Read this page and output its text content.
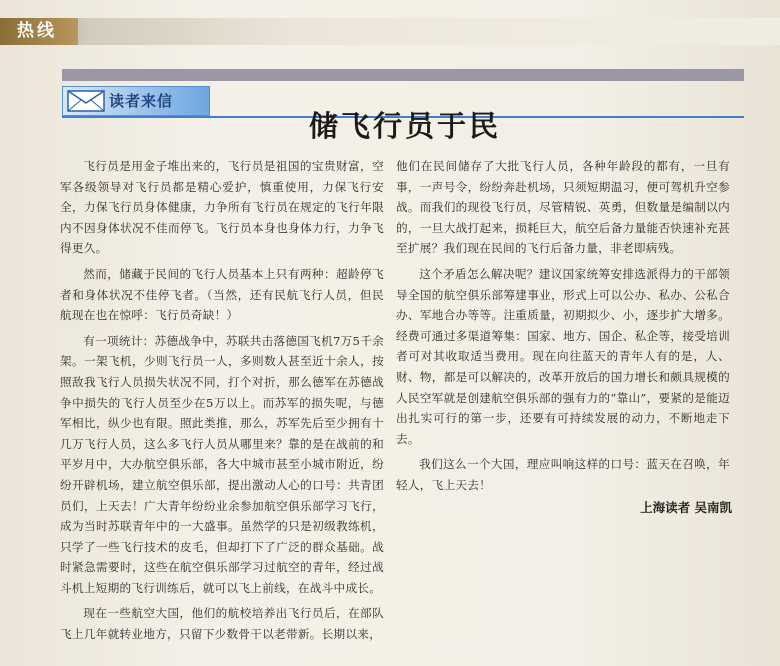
热线
读者来信
储飞行员于民

飞行员是用金子堆出来的，飞行员是祖国的宝贵财富，空军各级领导对飞行员都是精心爱护，慎重使用，力保飞行安全，力保飞行员身体健康，力争所有飞行员在规定的飞行年限内不因身体状况不佳而停飞。飞行员本身也身体力行，力争飞得更久。

然而，储藏于民间的飞行人员基本上只有两种：超龄停飞者和身体状况不佳停飞者。（当然，还有民航飞行人员，但民航现在也在惊呼：飞行员奇缺！）

有一项统计：苏德战争中，苏联共击落德国飞机7万5千余架。一架飞机，少则飞行员一人，多则数人甚至近十余人，按照敌我飞行人员损失状况不同，打个对折，那么德军在苏德战争中损失的飞行人员至少在5万以上。而苏军的损失呢，与德军相比，纵少也有限。照此类推，那么，苏军先后至少拥有十几万飞行人员，这么多飞行人员从哪里来？靠的是在战前的和平岁月中，大办航空俱乐部，各大中城市甚至小城市附近，纷纷开辟机场，建立航空俱乐部，提出激动人心的口号：共青团员们，上天去！广大青年纷纷业余参加航空俱乐部学习飞行，成为当时苏联青年中的一大盛事。虽然学的只是初级教练机，只学了一些飞行技术的皮毛，但却打下了广泛的群众基础。战时紧急需要时，这些在航空俱乐部学习过航空的青年，经过战斗机上短期的飞行训练后，就可以飞上前线，在战斗中成长。

现在一些航空大国，他们的航校培养出飞行员后，在部队飞上几年就转业地方，只留下少数骨干以老带新。长期以来，

他们在民间储存了大批飞行人员，各种年龄段的都有，一旦有事，一声号令，纷纷奔赴机场，只须短期温习，便可驾机升空参战。而我们的现役飞行员，尽管精锐、英勇，但数量是编制以内的，一旦大战打起来，损耗巨大，航空后备力量能否快速补充甚至扩展？我们现在民间的飞行后备力量，非老即病残。

这个矛盾怎么解决呢？建议国家统筹安排选派得力的干部领导全国的航空俱乐部筹建事业，形式上可以公办、私办、公私合办、军地合办等等。注重质量，初期拟少、小，逐步扩大增多。经费可通过多渠道筹集：国家、地方、国企、私企等，接受培训者可对其收取适当费用。现在向往蓝天的青年人有的是，人、财、物，都是可以解决的，改革开放后的国力增长和颇具规模的人民空军就是创建航空俱乐部的强有力的“靠山”，要紧的是能迈出扎实可行的第一步，还要有可持续发展的动力，不断地走下去。

我们这么一个大国，理应叫响这样的口号：蓝天在召唤，年轻人，飞上天去！

上海读者 吴南凯
